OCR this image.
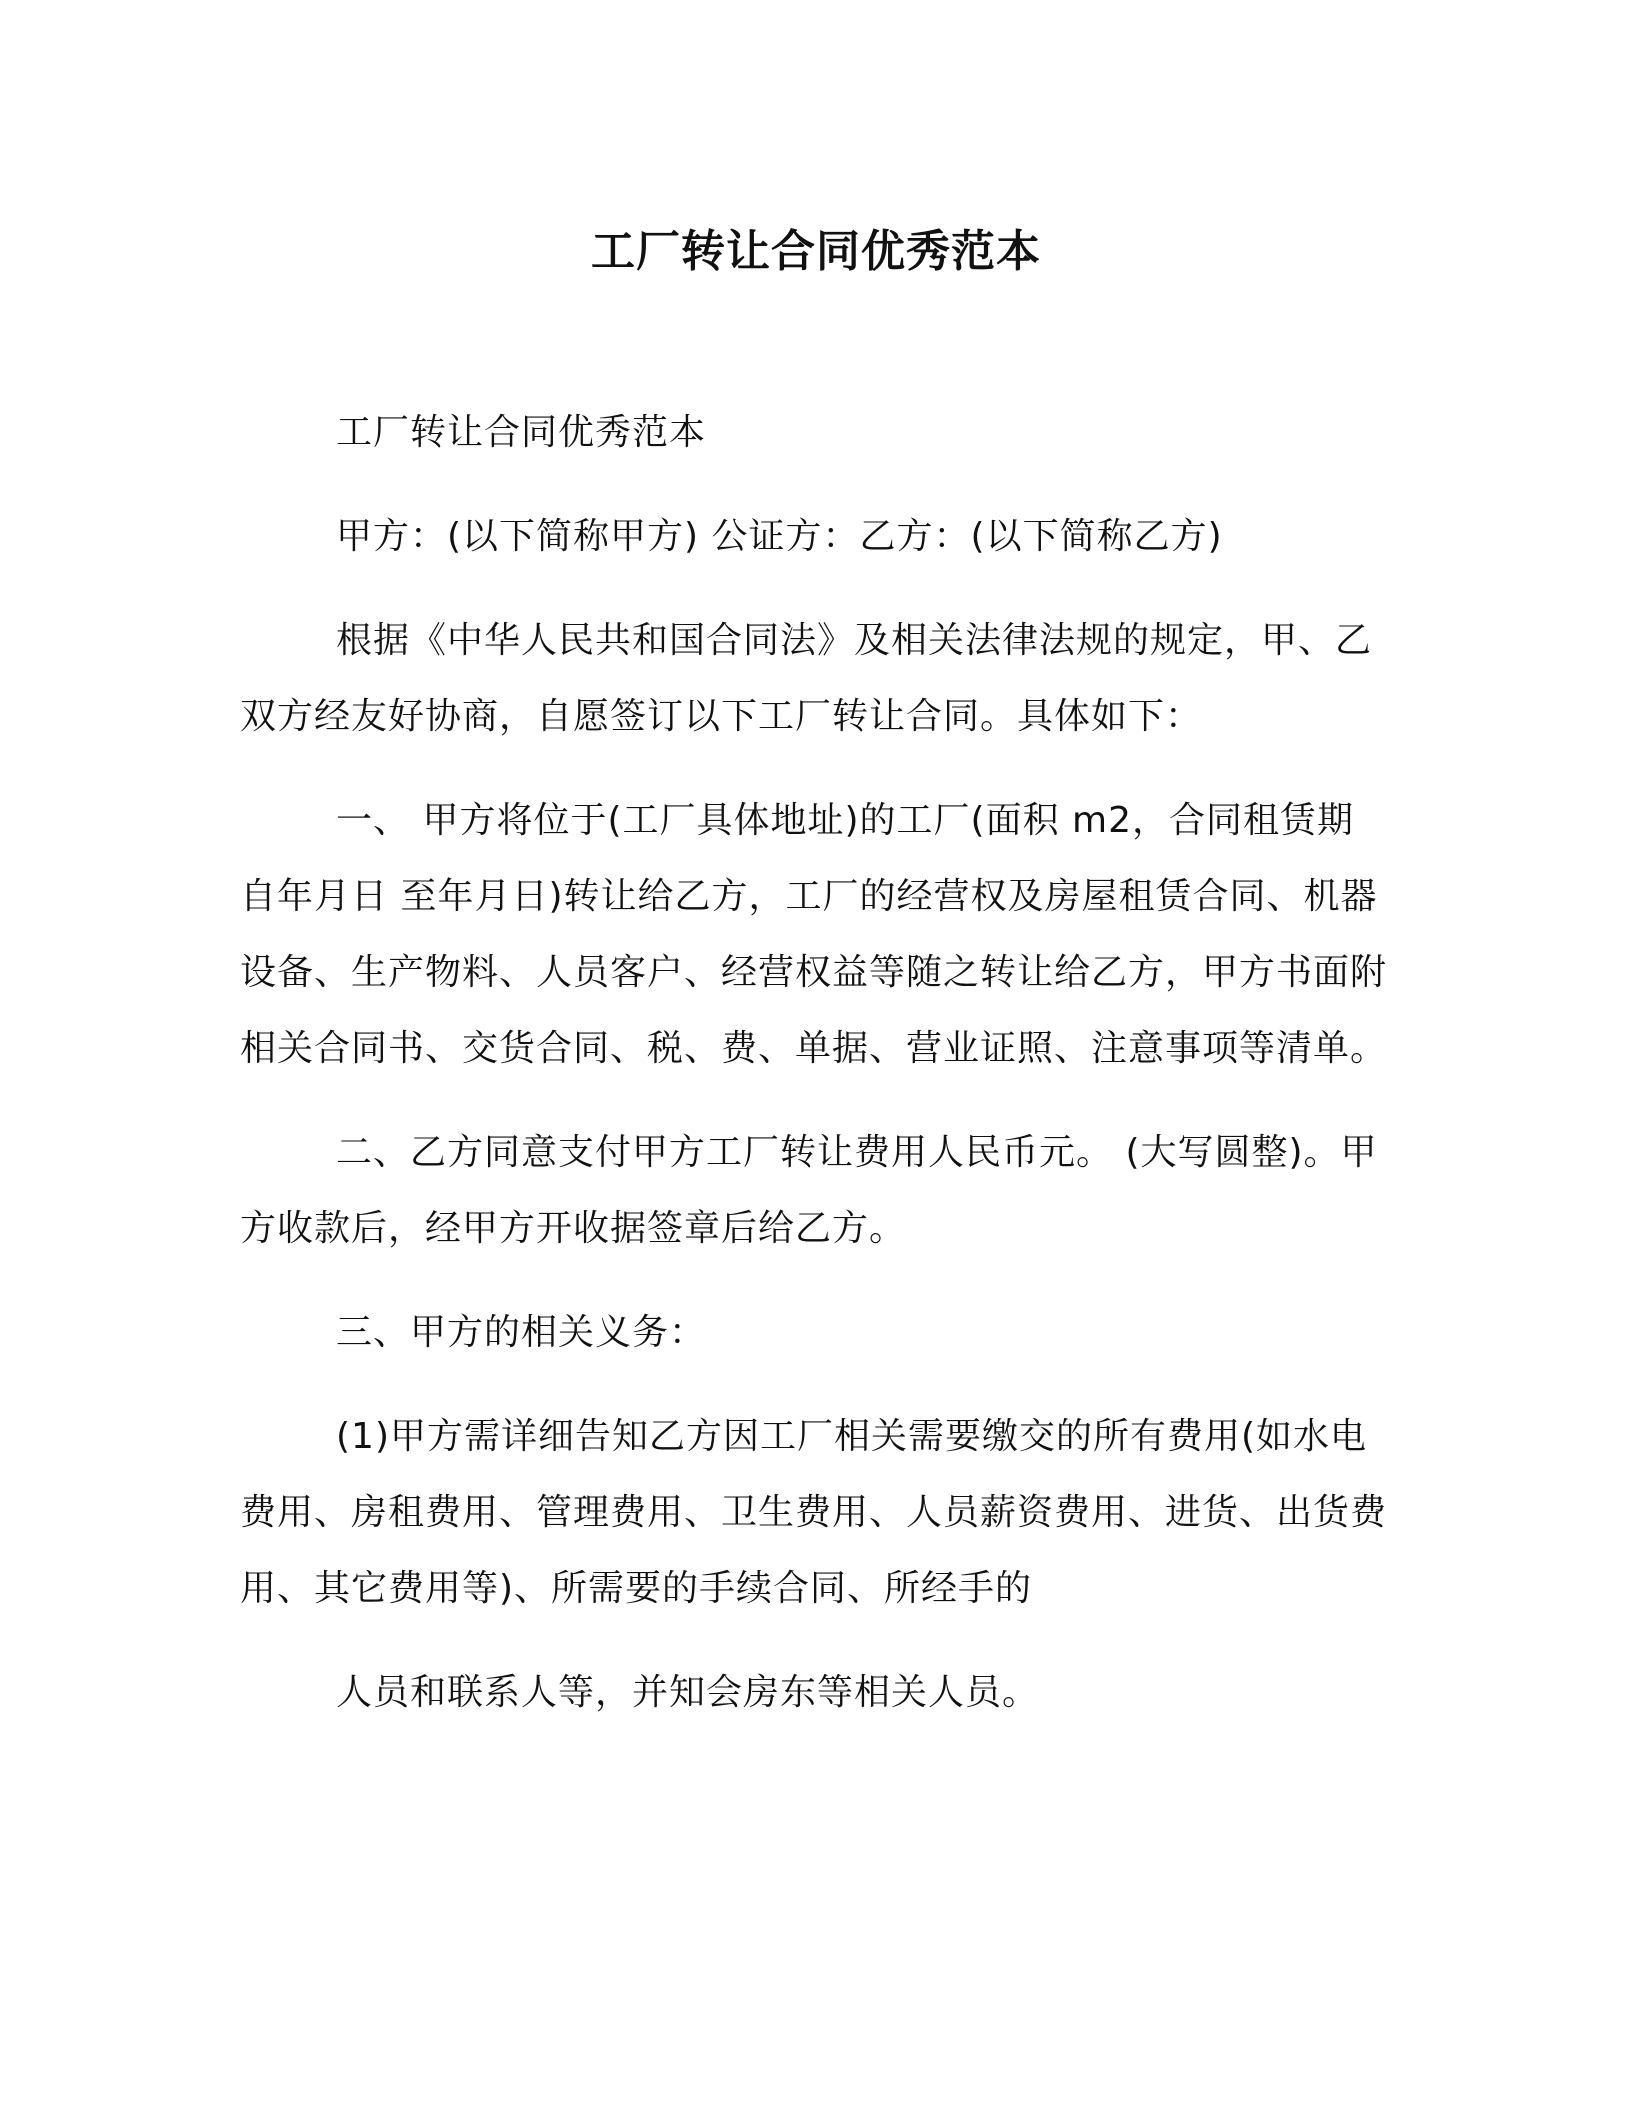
工厂转让合同优秀范本

工厂转让合同优秀范本

甲方：(以下简称甲方) 公证方：乙方：(以下简称乙方)

根据《中华人民共和国合同法》及相关法律法规的规定，甲、乙双方经友好协商，自愿签订以下工厂转让合同。具体如下：

一、 甲方将位于(工厂具体地址)的工厂(面积 m2，合同租赁期自年月日 至年月日)转让给乙方，工厂的经营权及房屋租赁合同、机器设备、生产物料、人员客户、经营权益等随之转让给乙方，甲方书面附相关合同书、交货合同、税、费、单据、营业证照、注意事项等清单。

二、乙方同意支付甲方工厂转让费用人民币元。 (大写圆整)。甲方收款后，经甲方开收据签章后给乙方。

三、甲方的相关义务：

(1)甲方需详细告知乙方因工厂相关需要缴交的所有费用(如水电费用、房租费用、管理费用、卫生费用、人员薪资费用、进货、出货费用、其它费用等)、所需要的手续合同、所经手的

人员和联系人等，并知会房东等相关人员。
